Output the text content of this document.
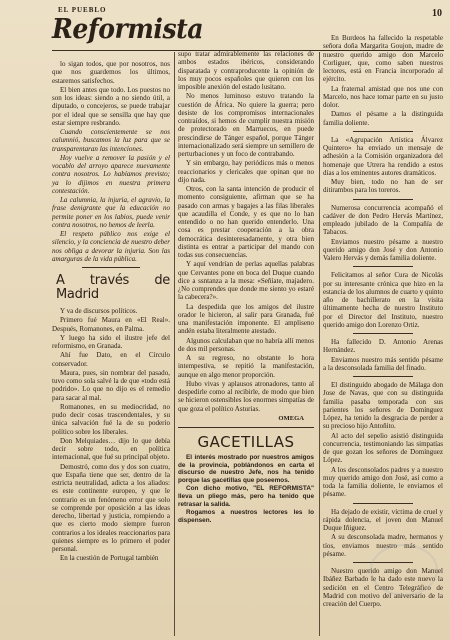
EL PUEBLO
Reformista
10

lo sigan todos, que por nosotros, nos que nos guardemos los últimos, estaremos satisfechos.

El bien antes que todo. Los puestos no son los ideas: siendo a no siendo útil, a diputado, o concejeros, se puede trabajar por el ideal que se sensilla que hay que estar siempre resbrando.

Cuando conscientemente se nos calumnió, buscamos la luz para que se transparentaran las intenciones.

Hoy vuelve a remover la pasión y el vocablo del arroyo aparece nuevamente contra nosotros. Lo habíamos previsto; ya lo dijimos en nuestra primera contestación.

La calumnia, la injuria, el agravio, la frase denigrante que la educación no permite poner en los labios, puede venir contra nosotros, no hemos de leerla.

El respeto público nos exige el silencio, y la conciencia de nuestro deber nos obliga a devorar la injuria. Son las amarguras de la vida pública.

A través de Madrid

Y va de discursos políticos.

Primero fué Maura en «El Real». Después, Romanones, en Palma.

Y luego ha sido el ilustre jefe del reformismo, en Granada.

Ahí fue Dato, en el Círculo conservador.

Maura, pues, sin nombrar del pasado, tuvo como sola salvé la de que «todo está podrido». Lo que no dijo es el remedio para sacar al mal.

Romanones, en su mediocridad, no pudo decir cosas trascendentales, y su única salvación fué la de su poderío político sobre los liberales.

Don Melquiades… dijo lo que debía decir sobre todo, en política internacional, que fué su principal objeto.

Demostró, como dos y dos son cuatro, que España tiene que ser, dentro de la estricta neutralidad, adicta a los aliados: es este continente europeo, y que le contrario es un fenómeno error que solo se comprende por oposición a las ideas derecho, libertad y justicia, rompiendo a que es cierto modo siempre fueron contrarios a los ideales reaccionarios para quienes siempre es lo primero el poder personal.

En la cuestión de Portugal también

supo tratar admirablemente las relaciones de ambos estados ibéricos, considerando disparatada y contraproducente la opinión de los muy pocos españoles que quieren con los imposible anexión del estado lusitano.

No menos luminoso estuvo tratando la cuestión de África. No quiere la guerra; pero desiste de los compromisos internacionales contraídos, si hemos de cumplir nuestra misión de protectorado en Marruecos, en puede prescindirse de Tánger español, porque Tánger internacionalizado será siempre un semillero de perturbaciones y un foco de contrabando.

Y sin embargo, hay periódicos más o menos reaccionarios y clericales que opinan que no dijo nada.

Otros, con la santa intención de producir el momento consiguiente, afirman que se ha pasado con armas y bagajes a las filas liberales que acaudilla el Conde, y es que no lo han entendido o no han querido entenderlo. Una cosa es prestar cooperación a la obra democrática desinteresadamente, y otra bien distinta es entrar a participar del mando con todas sus consecuencias.

Y aquí vendrían de perlas aquellas palabras que Cervantes pone en boca del Duque cuando dice a ssntanza a la mesa: «Señíate, majadero. ¿No comprendes que donde me siento yo estaré la cabecera?».

La despedida que los amigos del ilustre orador le hicieron, al salir para Granada, fué una manifestación imponente. El ampliseno andén estaba literalmente atestado.

Algunos calculaban que no habría allí menos de dos mil personas.

A su regreso, no obstante lo hora intempestiva, se repitió la manifestación, aunque en algo menor proporción.

Hubo vivas y aplausos atronadores, tanto al despedirle como al recibirle, de modo que bien se hicieron ostensibles los enormes simpatías de que goza el político Asturias.

OMEGA
GACETILLAS

El interés mostrado por nuestros amigos de la provincia, poblándonos en carta el discurso de nuestro Jefe, nos ha tenido porque las gacetillas que poseemos.

Con dicho motivo, "EL REFORMISTA" lleva un pliego más, pero ha tenido que retrasar la salida.

Rogamos a nuestros lectores les lo dispensen.

En Burdeos ha fallecido la respetable señora doña Margarita Goujon, madre de nuestro querido amigo don Marcelo Corliguer, que, como saben nuestros lectores, está en Francia incorporado al ejército.

La fraternal amistad que nos une con Marcelo, nos hace tomar parte en su justo dolor.

Damos el pésame a la distinguida familia doliente.

La «Agrupación Artística Álvarez Quintero» ha enviado un mensaje de adhesión a la Comisión organizadora del homenaje que Utrera ha rendido a estos días a los eminentes autores dramáticos.

Muy bien, todo no han de ser ditirambos para los toreros.

Numerosa concurrencia acompañó el cadáver de don Pedro Hervás Martínez, empleado jubilado de la Compañía de Tabacos.

Enviamos nuestro pésame a nuestro querido amigo don José y don Antonio Valero Hervás y demás familia doliente.

Felicitamos al señor Cura de Nicolás por su interesante crónica que hizo en la estancia de los alumnos de cuarto y quinto año de bachillerato en la visita últimamente hecha de nuestro Instituto por el Director del Instituto, nuestro querido amigo don Lorenzo Ortiz.

Ha fallecido D. Antonio Arenas Hernández.

Enviamos nuestro más sentido pésame a la desconsolada familia del finado.

El distinguido abogado de Málaga don Jose de Navas, que con su distinguida familia pasaba temporada con sus parientes los señores de Domínguez López, ha tenido la desgracia de perder a su precioso hijo Antoñito.

Al acto del sepelio asistió distinguida concurrencia, testimoniando las simpatías de que gozan los señores de Domínguez López.

A los desconsolados padres y a nuestro muy querido amigo don José, así como a toda la familia doliente, le enviamos el pésame.

Ha dejado de existir, víctima de cruel y rápida dolencia, el joven don Manuel Duque Iñiguez.

A su desconsolada madre, hermanos y tíos, enviamos nuestro más sentido pésame.

Nuestro querido amigo don Manuel Ibáñez Barbado le ha dado este nuevo la sedición en el Centro Telegráfico de Madrid con motivo del aniversario de la creación del Cuerpo.
